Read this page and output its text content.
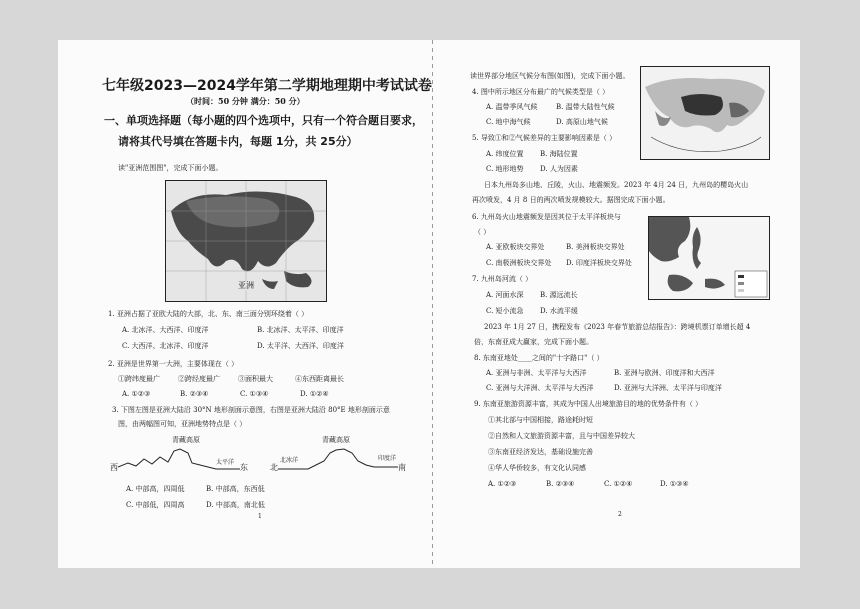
七年级2023—2024学年第二学期地理期中考试试卷
（时间：50 分钟 满分：50 分）
一、单项选择题（每小题的四个选项中，只有一个符合题目要求，
请将其代号填在答题卡内，每题 1分，共 25分）
读"亚洲范围图"，完成下面小题。
亚洲
1. 亚洲占据了亚欧大陆的大部，北、东、南三面分别环绕着（ ）
A. 北冰洋、大西洋、印度洋	B. 北冰洋、太平洋、印度洋
C. 大西洋、北冰洋、印度洋	D. 太平洋、大西洋、印度洋
2. 亚洲是世界第一大洲，主要体现在（ ）
①跨纬度最广	②跨经度最广	③面积最大	④东西距离最长
A. ①②③	B. ②③④	C. ①③④	D. ①②④
3. 下图左图是亚洲大陆沿 30°N 地形剖面示意图，右图是亚洲大陆沿 80°E 地形剖面示意
图，由两幅图可知，亚洲地势特点是（ ）
青藏高原
西	东
太平洋
青藏高原
北	南
北冰洋	印度洋
A. 中部高，四周低	B. 中部高，东西低
C. 中部低，四周高	D. 中部高，南北低
1
读世界部分地区气候分布图(如图)，完成下面小题。
4. 图中所示地区分布最广的气候类型是（ ）
A. 温带季风气候	B. 温带大陆性气候
C. 地中海气候	D. 高原山地气候
5. 导致①和②气候差异的主要影响因素是（ ）
A. 纬度位置 B. 海陆位置
C. 地形地势 D. 人为因素
日本九州岛多山地、丘陵，火山、地震频发。2023 年 4月 24 日，九州岛的樱岛火山
再次喷发，4 月 8 日的两次喷发规模较大。据图完成下面小题。
6. 九州岛火山地震频发是因其位于太平洋板块与
（ ）
A. 亚欧板块交界处	B. 美洲板块交界处
C. 南极洲板块交界处 D. 印度洋板块交界处
7. 九州岛河流（ ）
A. 河面水深 B. 源远流长
C. 短小流急 D. 水流平缓
2023 年 1月 27 日，携程发布《2023 年春节旅游总结报告》：跨境机票订单增长超 4
倍，东南亚成大赢家，完成下面小题。
8. 东南亚地处____之间的"十字路口"（ ）
A. 亚洲与非洲、太平洋与大西洋	B. 亚洲与欧洲、印度洋和大西洋
C. 亚洲与大洋洲、太平洋与大西洋	D. 亚洲与大洋洲、太平洋与印度洋
9. 东南亚旅游资源丰富，其成为中国人出境旅游目的地的优势条件有（ ）
①其北部与中国相接，路途耗时短
②自然和人文旅游资源丰富，且与中国差异较大
③东南亚经济发达，基础设施完善
④华人华侨较多，有文化认同感
A. ①②③	B. ②③④	C. ①②④	D. ①③④
2
